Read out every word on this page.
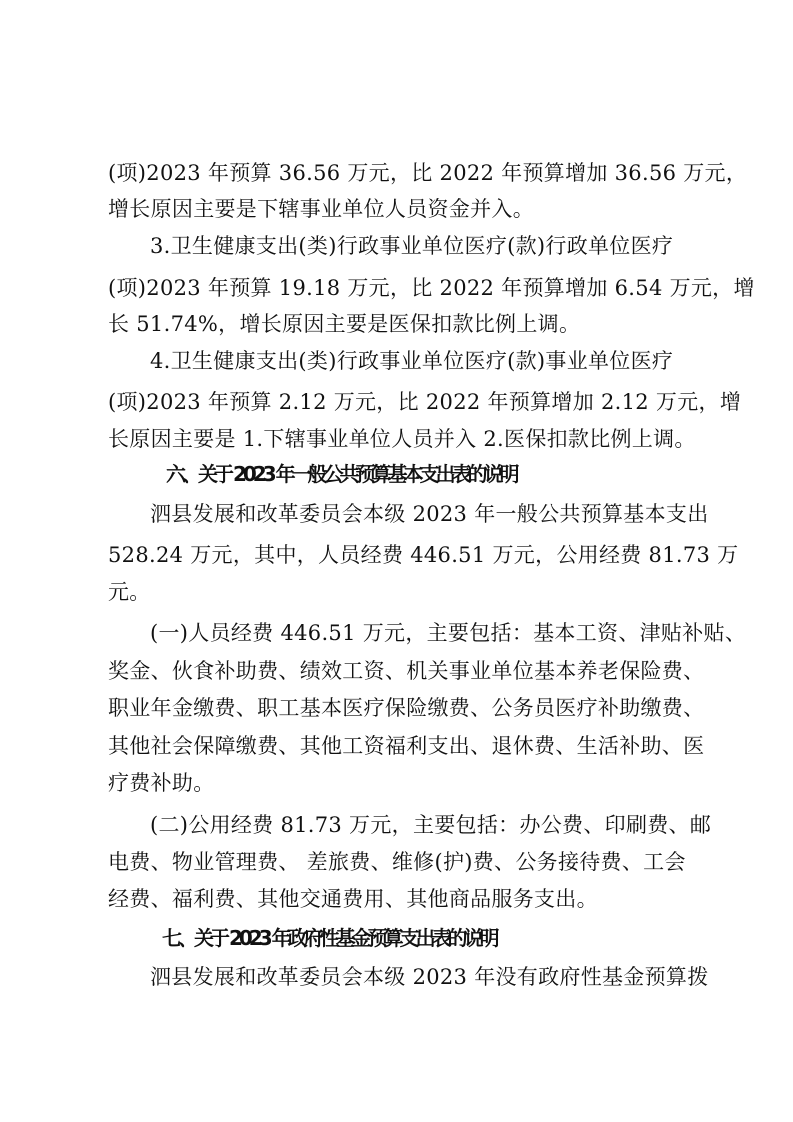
(项)2023 年预算 36.56 万元，比 2022 年预算增加 36.56 万元，
增长原因主要是下辖事业单位人员资金并入。
3.卫生健康支出(类)行政事业单位医疗(款)行政单位医疗
(项)2023 年预算 19.18 万元，比 2022 年预算增加 6.54 万元，增
长 51.74%，增长原因主要是医保扣款比例上调。
4.卫生健康支出(类)行政事业单位医疗(款)事业单位医疗
(项)2023 年预算 2.12 万元，比 2022 年预算增加 2.12 万元，增
长原因主要是 1.下辖事业单位人员并入 2.医保扣款比例上调。
六、关于 2023 年一般公共预算基本支出表的说明
泗县发展和改革委员会本级 2023 年一般公共预算基本支出
528.24 万元，其中，人员经费 446.51 万元，公用经费 81.73 万
元。
(一)人员经费 446.51 万元，主要包括：基本工资、津贴补贴、
奖金、伙食补助费、绩效工资、机关事业单位基本养老保险费、
职业年金缴费、职工基本医疗保险缴费、公务员医疗补助缴费、
其他社会保障缴费、其他工资福利支出、退休费、生活补助、医
疗费补助。
(二)公用经费 81.73 万元，主要包括：办公费、印刷费、邮
电费、物业管理费、 差旅费、维修(护)费、公务接待费、工会
经费、福利费、其他交通费用、其他商品服务支出。
七、关于 2023 年政府性基金预算支出表的说明
泗县发展和改革委员会本级 2023 年没有政府性基金预算拨
